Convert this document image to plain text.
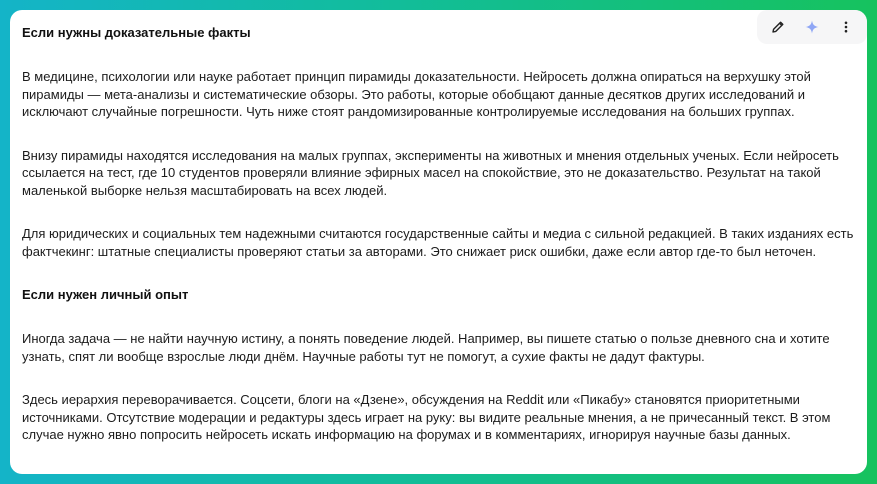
Если нужны доказательные факты

В медицине, психологии или науке работает принцип пирамиды доказательности. Нейросеть должна опираться на верхушку этой пирамиды — мета-анализы и систематические обзоры. Это работы, которые обобщают данные десятков других исследований и исключают случайные погрешности. Чуть ниже стоят рандомизированные контролируемые исследования на больших группах.

Внизу пирамиды находятся исследования на малых группах, эксперименты на животных и мнения отдельных ученых. Если нейросеть ссылается на тест, где 10 студентов проверяли влияние эфирных масел на спокойствие, это не доказательство. Результат на такой маленькой выборке нельзя масштабировать на всех людей.

Для юридических и социальных тем надежными считаются государственные сайты и медиа с сильной редакцией. В таких изданиях есть фактчекинг: штатные специалисты проверяют статьи за авторами. Это снижает риск ошибки, даже если автор где-то был неточен.

Если нужен личный опыт

Иногда задача — не найти научную истину, а понять поведение людей. Например, вы пишете статью о пользе дневного сна и хотите узнать, спят ли вообще взрослые люди днём. Научные работы тут не помогут, а сухие факты не дадут фактуры.

Здесь иерархия переворачивается. Соцсети, блоги на «Дзене», обсуждения на Reddit или «Пикабу» становятся приоритетными источниками. Отсутствие модерации и редактуры здесь играет на руку: вы видите реальные мнения, а не причесанный текст. В этом случае нужно явно попросить нейросеть искать информацию на форумах и в комментариях, игнорируя научные базы данных.
